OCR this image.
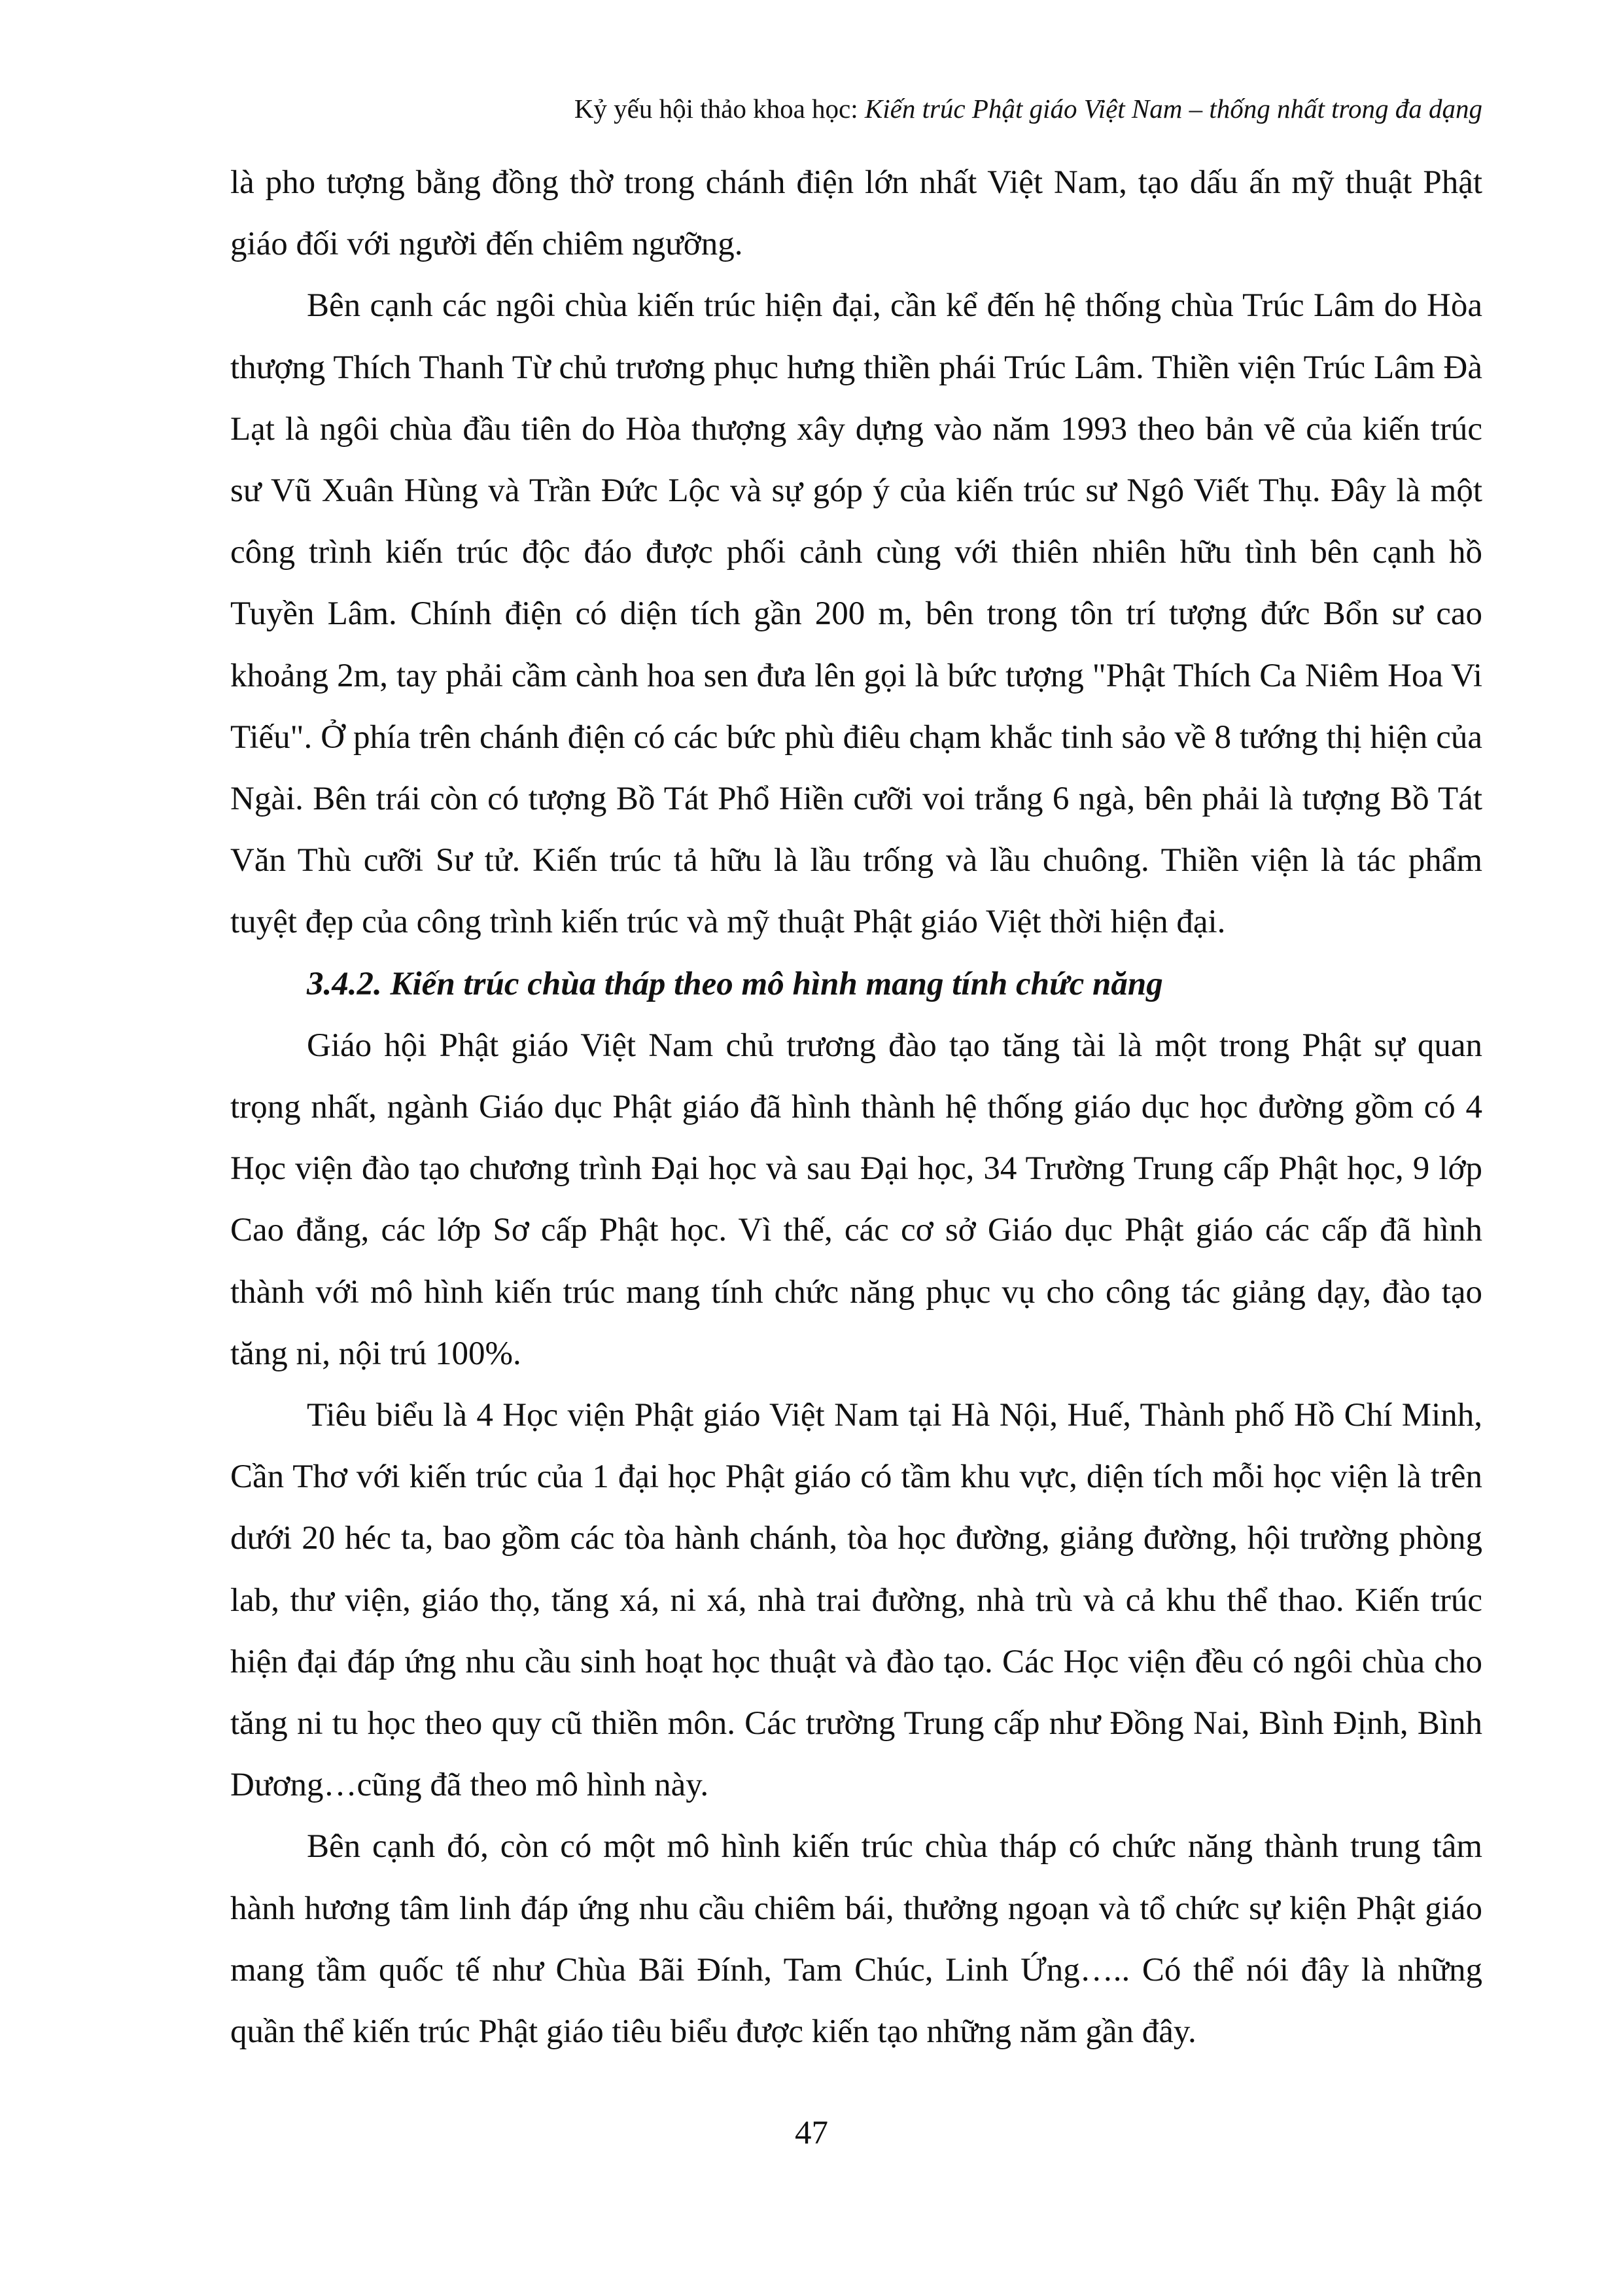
Kỷ yếu hội thảo khoa học: Kiến trúc Phật giáo Việt Nam – thống nhất trong đa dạng

là pho tượng bằng đồng thờ trong chánh điện lớn nhất Việt Nam, tạo dấu ấn mỹ thuật Phật giáo đối với người đến chiêm ngưỡng.

Bên cạnh các ngôi chùa kiến trúc hiện đại, cần kể đến hệ thống chùa Trúc Lâm do Hòa thượng Thích Thanh Từ chủ trương phục hưng thiền phái Trúc Lâm. Thiền viện Trúc Lâm Đà Lạt là ngôi chùa đầu tiên do Hòa thượng xây dựng vào năm 1993 theo bản vẽ của kiến trúc sư Vũ Xuân Hùng và Trần Đức Lộc và sự góp ý của kiến trúc sư Ngô Viết Thụ. Đây là một công trình kiến trúc độc đáo được phối cảnh cùng với thiên nhiên hữu tình bên cạnh hồ Tuyền Lâm. Chính điện có diện tích gần 200 m, bên trong tôn trí tượng đức Bổn sư cao khoảng 2m, tay phải cầm cành hoa sen đưa lên gọi là bức tượng "Phật Thích Ca Niêm Hoa Vi Tiếu". Ở phía trên chánh điện có các bức phù điêu chạm khắc tinh sảo về 8 tướng thị hiện của Ngài. Bên trái còn có tượng Bồ Tát Phổ Hiền cưỡi voi trắng 6 ngà, bên phải là tượng Bồ Tát Văn Thù cưỡi Sư tử. Kiến trúc tả hữu là lầu trống và lầu chuông. Thiền viện là tác phẩm tuyệt đẹp của công trình kiến trúc và mỹ thuật Phật giáo Việt thời hiện đại.

3.4.2. Kiến trúc chùa tháp theo mô hình mang tính chức năng

Giáo hội Phật giáo Việt Nam chủ trương đào tạo tăng tài là một trong Phật sự quan trọng nhất, ngành Giáo dục Phật giáo đã hình thành hệ thống giáo dục học đường gồm có 4 Học viện đào tạo chương trình Đại học và sau Đại học, 34 Trường Trung cấp Phật học, 9 lớp Cao đẳng, các lớp Sơ cấp Phật học. Vì thế, các cơ sở Giáo dục Phật giáo các cấp đã hình thành với mô hình kiến trúc mang tính chức năng phục vụ cho công tác giảng dạy, đào tạo tăng ni, nội trú 100%.

Tiêu biểu là 4 Học viện Phật giáo Việt Nam tại Hà Nội, Huế, Thành phố Hồ Chí Minh, Cần Thơ với kiến trúc của 1 đại học Phật giáo có tầm khu vực, diện tích mỗi học viện là trên dưới 20 héc ta, bao gồm các tòa hành chánh, tòa học đường, giảng đường, hội trường phòng lab, thư viện, giáo thọ, tăng xá, ni xá, nhà trai đường, nhà trù và cả khu thể thao. Kiến trúc hiện đại đáp ứng nhu cầu sinh hoạt học thuật và đào tạo. Các Học viện đều có ngôi chùa cho tăng ni tu học theo quy cũ thiền môn. Các trường Trung cấp như Đồng Nai, Bình Định, Bình Dương…cũng đã theo mô hình này.

Bên cạnh đó, còn có một mô hình kiến trúc chùa tháp có chức năng thành trung tâm hành hương tâm linh đáp ứng nhu cầu chiêm bái, thưởng ngoạn và tổ chức sự kiện Phật giáo mang tầm quốc tế như Chùa Bãi Đính, Tam Chúc, Linh Ứng….. Có thể nói đây là những quần thể kiến trúc Phật giáo tiêu biểu được kiến tạo những năm gần đây.

47
